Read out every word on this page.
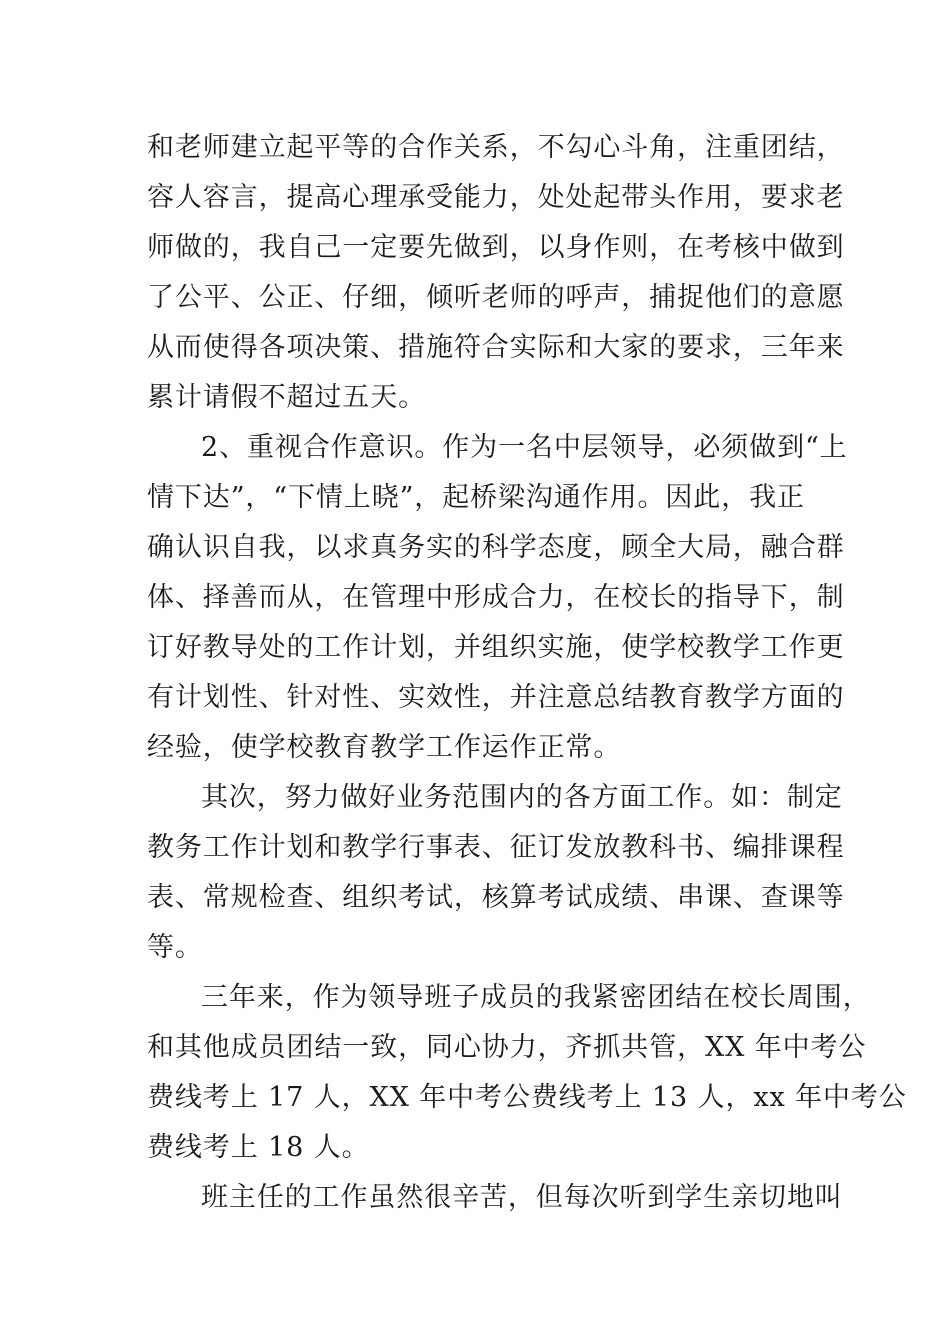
和老师建立起平等的合作关系，不勾心斗角，注重团结，
容人容言，提高心理承受能力，处处起带头作用，要求老
师做的，我自己一定要先做到，以身作则，在考核中做到
了公平、公正、仔细，倾听老师的呼声，捕捉他们的意愿
从而使得各项决策、措施符合实际和大家的要求，三年来
累计请假不超过五天。
2、重视合作意识。作为一名中层领导，必须做到“上
情下达”，“下情上晓”，起桥梁沟通作用。因此，我正
确认识自我，以求真务实的科学态度，顾全大局，融合群
体、择善而从，在管理中形成合力，在校长的指导下，制
订好教导处的工作计划，并组织实施，使学校教学工作更
有计划性、针对性、实效性，并注意总结教育教学方面的
经验，使学校教育教学工作运作正常。
其次，努力做好业务范围内的各方面工作。如：制定
教务工作计划和教学行事表、征订发放教科书、编排课程
表、常规检查、组织考试，核算考试成绩、串课、查课等
等。
三年来，作为领导班子成员的我紧密团结在校长周围，
和其他成员团结一致，同心协力，齐抓共管，XX 年中考公
费线考上 17 人，XX 年中考公费线考上 13 人，xx 年中考公
费线考上 18 人。
班主任的工作虽然很辛苦，但每次听到学生亲切地叫
